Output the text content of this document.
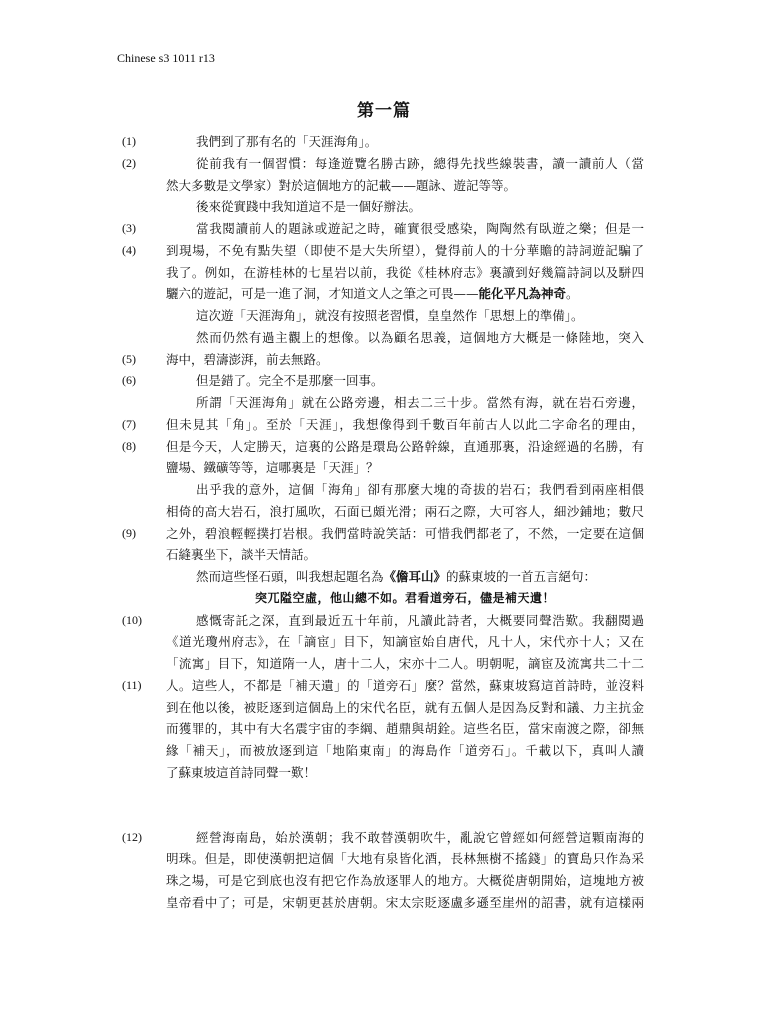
Chinese s3 1011 r13
第一篇
(1)	我們到了那有名的「天涯海角」。
(2)	從前我有一個習慣：每逢遊覽名勝古跡，總得先找些線裝書，讀一讀前人（當
然大多數是文學家）對於這個地方的記載——題詠、遊記等等。
後來從實踐中我知道這不是一個好辦法。
(3)	當我閱讀前人的題詠或遊記之時，確實很受感染，陶陶然有臥遊之樂；但是一
(4) 到現場，不免有點失望（即使不是大失所望），覺得前人的十分華贍的詩詞遊記騙了
我了。例如，在游桂林的七星岩以前，我從《桂林府志》裏讀到好幾篇詩詞以及駢四
驪六的遊記，可是一進了洞，才知道文人之筆之可畏——能化平凡為神奇。
這次遊「天涯海角」，就沒有按照老習慣，皇皇然作「思想上的準備」。
然而仍然有過主觀上的想像。以為顧名思義，這個地方大概是一條陸地，突入
(5) 海中，碧濤澎湃，前去無路。
(6)	但是錯了。完全不是那麼一回事。
所謂「天涯海角」就在公路旁邊，相去二三十步。當然有海，就在岩石旁邊，
(7) 但未見其「角」。至於「天涯」，我想像得到千數百年前古人以此二字命名的理由，
(8) 但是今天，人定勝天，這裏的公路是環島公路幹線，直通那裏，沿途經過的名勝，有
鹽場、鐵礦等等，這哪裏是「天涯」？
出乎我的意外，這個「海角」卻有那麼大塊的奇拔的岩石；我們看到兩座相偎
相倚的高大岩石，浪打風吹，石面已頗光滑；兩石之際，大可容人，細沙鋪地；數尺
(9) 之外，碧浪輕輕撲打岩根。我們當時說笑話：可惜我們都老了，不然，一定要在這個
石縫裏坐下，談半天情話。
然而這些怪石頭，叫我想起題名為《儋耳山》的蘇東坡的一首五言絕句：
突兀隘空虛，他山總不如。君看道旁石，儘是補天遺！
(10)	感慨寄託之深，直到最近五十年前，凡讀此詩者，大概要同聲浩歎。我翻閱過
《道光瓊州府志》，在「謫宦」目下，知謫宦始自唐代，凡十人，宋代亦十人；又在
「流寓」目下，知道隋一人，唐十二人，宋亦十二人。明朝呢，謫宦及流寓共二十二
(11) 人。這些人，不都是「補天遺」的「道旁石」麼？當然，蘇東坡寫這首詩時，並沒料
到在他以後，被貶逐到這個島上的宋代名臣，就有五個人是因為反對和議、力主抗金
而獲罪的，其中有大名震宇宙的李綱、趙鼎與胡銓。這些名臣，當宋南渡之際，卻無
緣「補天」，而被放逐到這「地陷東南」的海島作「道旁石」。千載以下，真叫人讀
了蘇東坡這首詩同聲一歎！
(12)	經營海南島，始於漢朝；我不敢替漢朝吹牛，亂說它曾經如何經營這顆南海的
明珠。但是，即使漢朝把這個「大地有泉皆化酒，長林無樹不搖錢」的寶島只作為采
珠之場，可是它到底也沒有把它作為放逐罪人的地方。大概從唐朝開始，這塊地方被
皇帝看中了；可是，宋朝更甚於唐朝。宋太宗貶逐盧多遜至崖州的詔書，就有這樣兩
